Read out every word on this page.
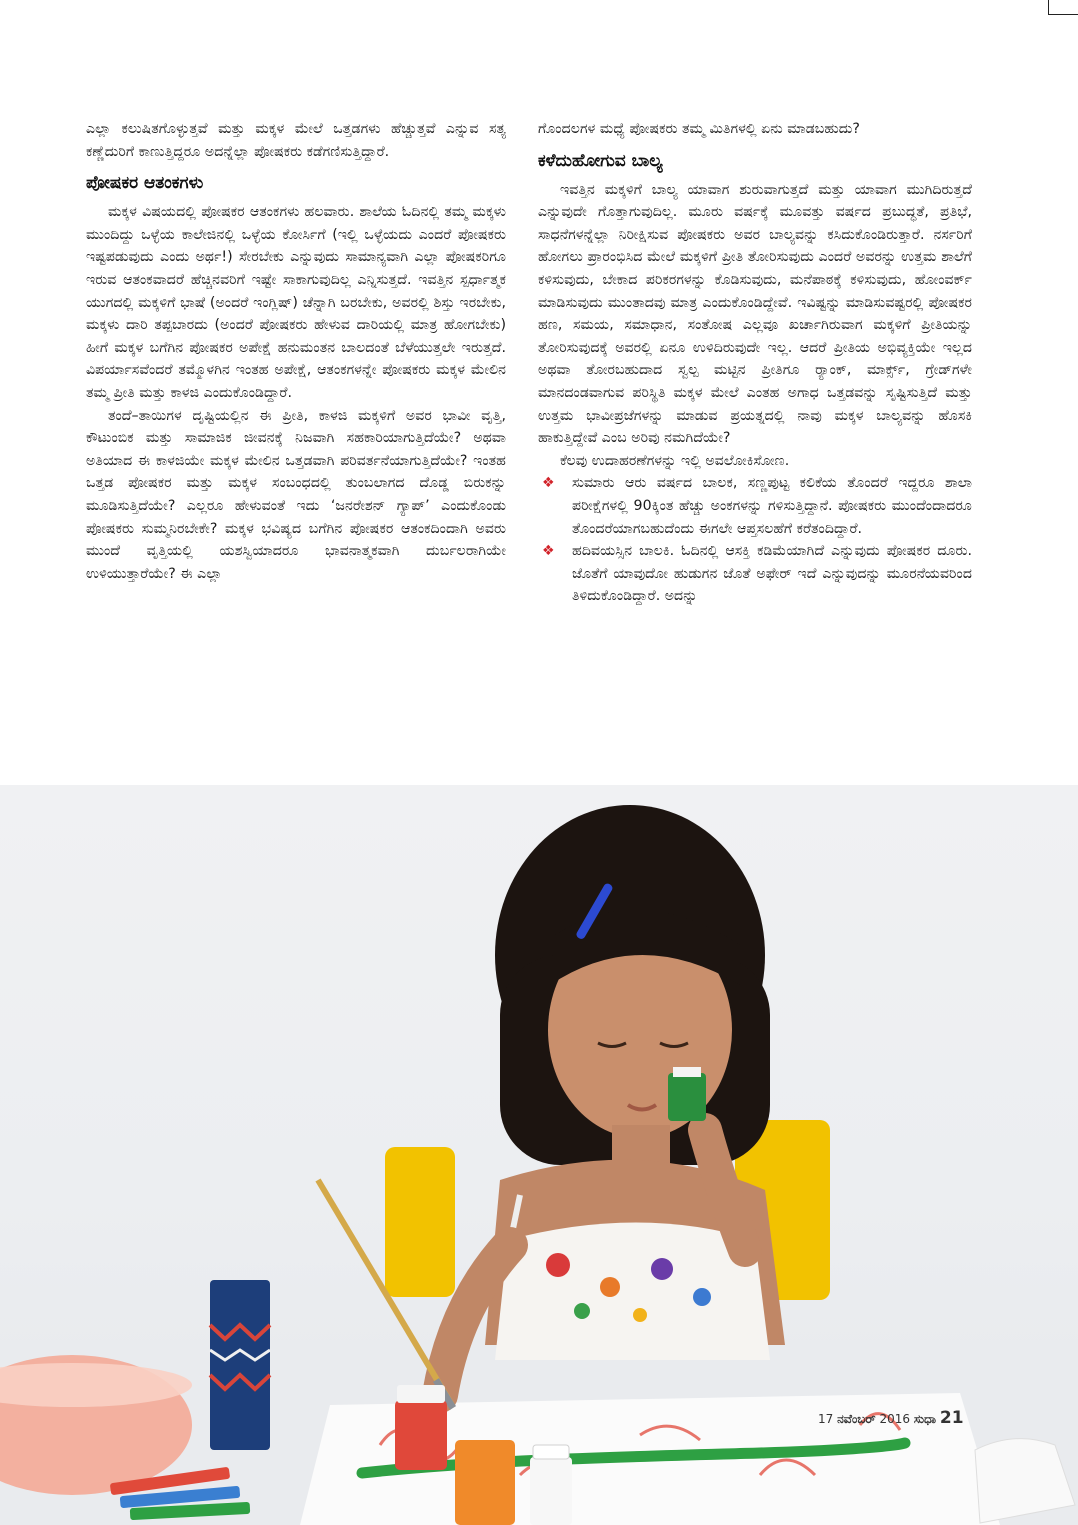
ಎಲ್ಲಾ ಕಲುಷಿತಗೊಳ್ಳುತ್ತವೆ ಮತ್ತು ಮಕ್ಕಳ ಮೇಲೆ ಒತ್ತಡಗಳು ಹೆಚ್ಚುತ್ತವೆ ಎನ್ನುವ ಸತ್ಯ ಕಣ್ಣೆದುರಿಗೆ ಕಾಣುತ್ತಿದ್ದರೂ ಅದನ್ನೆಲ್ಲಾ ಪೋಷಕರು ಕಡೆಗಣಿಸುತ್ತಿದ್ದಾರೆ.

ಪೋಷಕರ ಆತಂಕಗಳು

ಮಕ್ಕಳ ವಿಷಯದಲ್ಲಿ ಪೋಷಕರ ಆತಂಕಗಳು ಹಲವಾರು. ಶಾಲೆಯ ಓದಿನಲ್ಲಿ ತಮ್ಮ ಮಕ್ಕಳು ಮುಂದಿದ್ದು ಒಳ್ಳೆಯ ಕಾಲೇಜಿನಲ್ಲಿ ಒಳ್ಳೆಯ ಕೋರ್ಸಿಗೆ (ಇಲ್ಲಿ ಒಳ್ಳೆಯದು ಎಂದರೆ ಪೋಷಕರು ಇಷ್ಟಪಡುವುದು ಎಂದು ಅರ್ಥ!) ಸೇರಬೇಕು ಎನ್ನುವುದು ಸಾಮಾನ್ಯವಾಗಿ ಎಲ್ಲಾ ಪೋಷಕರಿಗೂ ಇರುವ ಆತಂಕವಾದರೆ ಹೆಚ್ಚಿನವರಿಗೆ ಇಷ್ಟೇ ಸಾಕಾಗುವುದಿಲ್ಲ ಎನ್ನಿಸುತ್ತದೆ. ಇವತ್ತಿನ ಸ್ಪರ್ಧಾತ್ಮಕ ಯುಗದಲ್ಲಿ ಮಕ್ಕಳಿಗೆ ಭಾಷೆ (ಅಂದರೆ ಇಂಗ್ಲಿಷ್) ಚೆನ್ನಾಗಿ ಬರಬೇಕು, ಅವರಲ್ಲಿ ಶಿಸ್ತು ಇರಬೇಕು, ಮಕ್ಕಳು ದಾರಿ ತಪ್ಪಬಾರದು (ಅಂದರೆ ಪೋಷಕರು ಹೇಳುವ ದಾರಿಯಲ್ಲಿ ಮಾತ್ರ ಹೋಗಬೇಕು) ಹೀಗೆ ಮಕ್ಕಳ ಬಗೆಗಿನ ಪೋಷಕರ ಅಪೇಕ್ಷೆ ಹನುಮಂತನ ಬಾಲದಂತೆ ಬೆಳೆಯುತ್ತಲೇ ಇರುತ್ತದೆ. ವಿಪರ್ಯಾಸವೆಂದರೆ ತಮ್ಮೊಳಗಿನ ಇಂತಹ ಅಪೇಕ್ಷೆ, ಆತಂಕಗಳನ್ನೇ ಪೋಷಕರು ಮಕ್ಕಳ ಮೇಲಿನ ತಮ್ಮ ಪ್ರೀತಿ ಮತ್ತು ಕಾಳಜಿ ಎಂದುಕೊಂಡಿದ್ದಾರೆ.

ತಂದೆ–ತಾಯಿಗಳ ದೃಷ್ಟಿಯಲ್ಲಿನ ಈ ಪ್ರೀತಿ, ಕಾಳಜಿ ಮಕ್ಕಳಿಗೆ ಅವರ ಭಾವೀ ವೃತ್ತಿ, ಕೌಟುಂಬಿಕ ಮತ್ತು ಸಾಮಾಜಿಕ ಜೀವನಕ್ಕೆ ನಿಜವಾಗಿ ಸಹಕಾರಿಯಾಗುತ್ತಿದೆಯೇ? ಅಥವಾ ಅತಿಯಾದ ಈ ಕಾಳಜಿಯೇ ಮಕ್ಕಳ ಮೇಲಿನ ಒತ್ತಡವಾಗಿ ಪರಿವರ್ತನೆಯಾಗುತ್ತಿದೆಯೇ? ಇಂತಹ ಒತ್ತಡ ಪೋಷಕರ ಮತ್ತು ಮಕ್ಕಳ ಸಂಬಂಧದಲ್ಲಿ ತುಂಬಲಾಗದ ದೊಡ್ಡ ಬಿರುಕನ್ನು ಮೂಡಿಸುತ್ತಿದೆಯೇ? ಎಲ್ಲರೂ ಹೇಳುವಂತೆ ಇದು ‘ಜನರೇಶನ್ ಗ್ಯಾಪ್’ ಎಂದುಕೊಂಡು ಪೋಷಕರು ಸುಮ್ಮನಿರಬೇಕೇ? ಮಕ್ಕಳ ಭವಿಷ್ಯದ ಬಗೆಗಿನ ಪೋಷಕರ ಆತಂಕದಿಂದಾಗಿ ಅವರು ಮುಂದೆ ವೃತ್ತಿಯಲ್ಲಿ ಯಶಸ್ವಿಯಾದರೂ ಭಾವನಾತ್ಮಕವಾಗಿ ದುರ್ಬಲರಾಗಿಯೇ ಉಳಿಯುತ್ತಾರೆಯೇ? ಈ ಎಲ್ಲಾ

ಗೊಂದಲಗಳ ಮಧ್ಯೆ ಪೋಷಕರು ತಮ್ಮ ಮಿತಿಗಳಲ್ಲಿ ಏನು ಮಾಡಬಹುದು?

ಕಳೆದುಹೋಗುವ ಬಾಲ್ಯ

ಇವತ್ತಿನ ಮಕ್ಕಳಿಗೆ ಬಾಲ್ಯ ಯಾವಾಗ ಶುರುವಾಗುತ್ತದೆ ಮತ್ತು ಯಾವಾಗ ಮುಗಿದಿರುತ್ತದೆ ಎನ್ನುವುದೇ ಗೊತ್ತಾಗುವುದಿಲ್ಲ. ಮೂರು ವರ್ಷಕ್ಕೆ ಮೂವತ್ತು ವರ್ಷದ ಪ್ರಬುದ್ಧತೆ, ಪ್ರತಿಭೆ, ಸಾಧನೆಗಳನ್ನೆಲ್ಲಾ ನಿರೀಕ್ಷಿಸುವ ಪೋಷಕರು ಅವರ ಬಾಲ್ಯವನ್ನು ಕಸಿದುಕೊಂಡಿರುತ್ತಾರೆ. ನರ್ಸರಿಗೆ ಹೋಗಲು ಪ್ರಾರಂಭಿಸಿದ ಮೇಲೆ ಮಕ್ಕಳಿಗೆ ಪ್ರೀತಿ ತೋರಿಸುವುದು ಎಂದರೆ ಅವರನ್ನು ಉತ್ತಮ ಶಾಲೆಗೆ ಕಳಿಸುವುದು, ಬೇಕಾದ ಪರಿಕರಗಳನ್ನು ಕೊಡಿಸುವುದು, ಮನೆಪಾಠಕ್ಕೆ ಕಳಿಸುವುದು, ಹೋಂವರ್ಕ್ ಮಾಡಿಸುವುದು ಮುಂತಾದವು ಮಾತ್ರ ಎಂದುಕೊಂಡಿದ್ದೇವೆ. ಇವಿಷ್ಟನ್ನು ಮಾಡಿಸುವಷ್ಟರಲ್ಲಿ ಪೋಷಕರ ಹಣ, ಸಮಯ, ಸಮಾಧಾನ, ಸಂತೋಷ ಎಲ್ಲವೂ ಖರ್ಚಾಗಿರುವಾಗ ಮಕ್ಕಳಿಗೆ ಪ್ರೀತಿಯನ್ನು ತೋರಿಸುವುದಕ್ಕೆ ಅವರಲ್ಲಿ ಏನೂ ಉಳಿದಿರುವುದೇ ಇಲ್ಲ. ಆದರೆ ಪ್ರೀತಿಯ ಅಭಿವ್ಯಕ್ತಿಯೇ ಇಲ್ಲದ ಅಥವಾ ತೋರಬಹುದಾದ ಸ್ವಲ್ಪ ಮಟ್ಟಿನ ಪ್ರೀತಿಗೂ ರ್‍ಯಾಂಕ್, ಮಾರ್ಕ್ಸ್, ಗ್ರೇಡ್‌ಗಳೇ ಮಾನದಂಡವಾಗುವ ಪರಿಸ್ಥಿತಿ ಮಕ್ಕಳ ಮೇಲೆ ಎಂತಹ ಅಗಾಧ ಒತ್ತಡವನ್ನು ಸೃಷ್ಟಿಸುತ್ತಿದೆ ಮತ್ತು ಉತ್ತಮ ಭಾವೀಪ್ರಜೆಗಳನ್ನು ಮಾಡುವ ಪ್ರಯತ್ನದಲ್ಲಿ ನಾವು ಮಕ್ಕಳ ಬಾಲ್ಯವನ್ನು ಹೊಸಕಿ ಹಾಕುತ್ತಿದ್ದೇವೆ ಎಂಬ ಅರಿವು ನಮಗಿದೆಯೇ?

ಕೆಲವು ಉದಾಹರಣೆಗಳನ್ನು ಇಲ್ಲಿ ಅವಲೋಕಿಸೋಣ.

❖ ಸುಮಾರು ಆರು ವರ್ಷದ ಬಾಲಕ, ಸಣ್ಣಪುಟ್ಟ ಕಲಿಕೆಯ ತೊಂದರೆ ಇದ್ದರೂ ಶಾಲಾ ಪರೀಕ್ಷೆಗಳಲ್ಲಿ 90ಕ್ಕಿಂತ ಹೆಚ್ಚು ಅಂಕಗಳನ್ನು ಗಳಿಸುತ್ತಿದ್ದಾನೆ. ಪೋಷಕರು ಮುಂದೆಂದಾದರೂ ತೊಂದರೆಯಾಗಬಹುದೆಂದು ಈಗಲೇ ಆಪ್ತಸಲಹೆಗೆ ಕರೆತಂದಿದ್ದಾರೆ.
❖ ಹದಿವಯಸ್ಸಿನ ಬಾಲಕಿ. ಓದಿನಲ್ಲಿ ಆಸಕ್ತಿ ಕಡಿಮೆಯಾಗಿದೆ ಎನ್ನುವುದು ಪೋಷಕರ ದೂರು. ಜೊತೆಗೆ ಯಾವುದೋ ಹುಡುಗನ ಜೊತೆ ಅಫೇರ್ ಇದೆ ಎನ್ನುವುದನ್ನು ಮೂರನೆಯವರಿಂದ ತಿಳಿದುಕೊಂಡಿದ್ದಾರೆ. ಅದನ್ನು
17 ನವೆಂಬರ್ 2016 ಸುಧಾ 21
